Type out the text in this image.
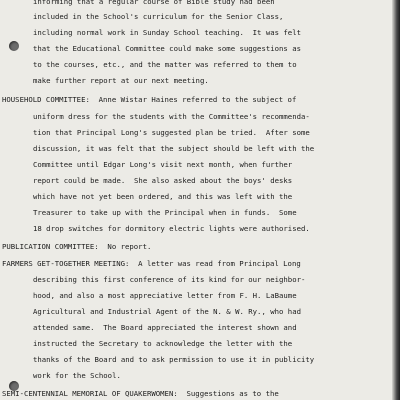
informing that a regular course of Bible study had been
included in the School's curriculum for the Senior Class,
including normal work in Sunday School teaching.  It was felt
that the Educational Committee could make some suggestions as
to the courses, etc., and the matter was referred to them to
make further report at our next meeting.
HOUSEHOLD COMMITTEE:  Anne Wistar Haines referred to the subject of
uniform dress for the students with the Committee's recommenda-
tion that Principal Long's suggested plan be tried.  After some
discussion, it was felt that the subject should be left with the
Committee until Edgar Long's visit next month, when further
report could be made.  She also asked about the boys' desks
which have not yet been ordered, and this was left with the
Treasurer to take up with the Principal when in funds.  Some
18 drop switches for dormitory electric lights were authorised.
PUBLICATION COMMITTEE:  No report.
FARMERS GET-TOGETHER MEETING:  A letter was read from Principal Long
describing this first conference of its kind for our neighbor-
hood, and also a most appreciative letter from F. H. LaBaume
Agricultural and Industrial Agent of the N. & W. Ry., who had
attended same.  The Board appreciated the interest shown and
instructed the Secretary to acknowledge the letter with the
thanks of the Board and to ask permission to use it in publicity
work for the School.
SEMI-CENTENNIAL MEMORIAL OF QUAKERWOMEN:  Suggestions as to the
